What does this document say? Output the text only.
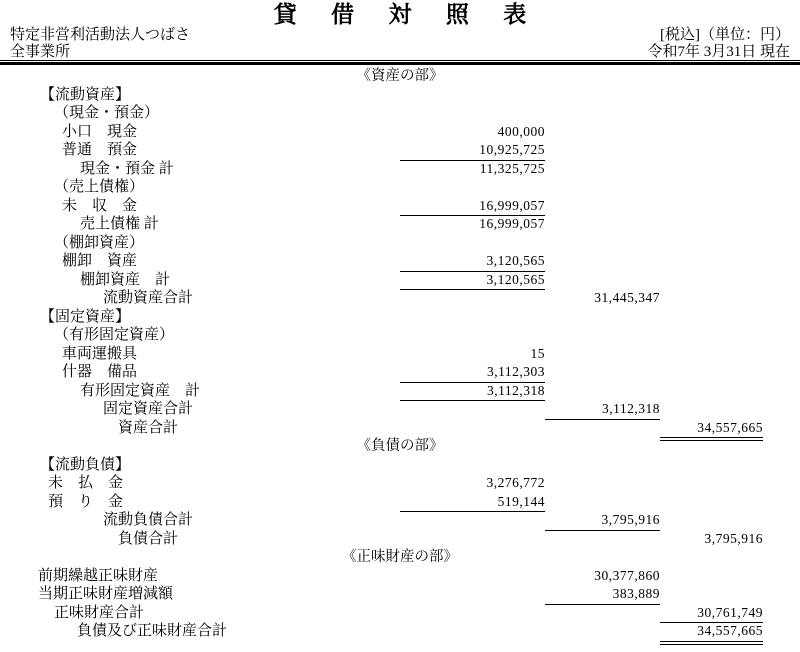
貸 借 対 照 表
特定非営利活動法人つばさ
全事業所
[税込]（単位：円）
令和7年 3月31日 現在
《資産の部》
【流動資産】
（現金・預金）
小口　現金	400,000
普通　預金	10,925,725
現金・預金 計	11,325,725
（売上債権）
未　収　金	16,999,057
売上債権 計	16,999,057
（棚卸資産）
棚卸　資産	3,120,565
棚卸資産　計	3,120,565
流動資産合計	31,445,347
【固定資産】
（有形固定資産）
車両運搬具	15
什器　備品	3,112,303
有形固定資産　計	3,112,318
固定資産合計	3,112,318
資産合計	34,557,665
《負債の部》
【流動負債】
未　払　金	3,276,772
預　り　金	519,144
流動負債合計	3,795,916
負債合計	3,795,916
《正味財産の部》
前期繰越正味財産	30,377,860
当期正味財産増減額	383,889
正味財産合計	30,761,749
負債及び正味財産合計	34,557,665
